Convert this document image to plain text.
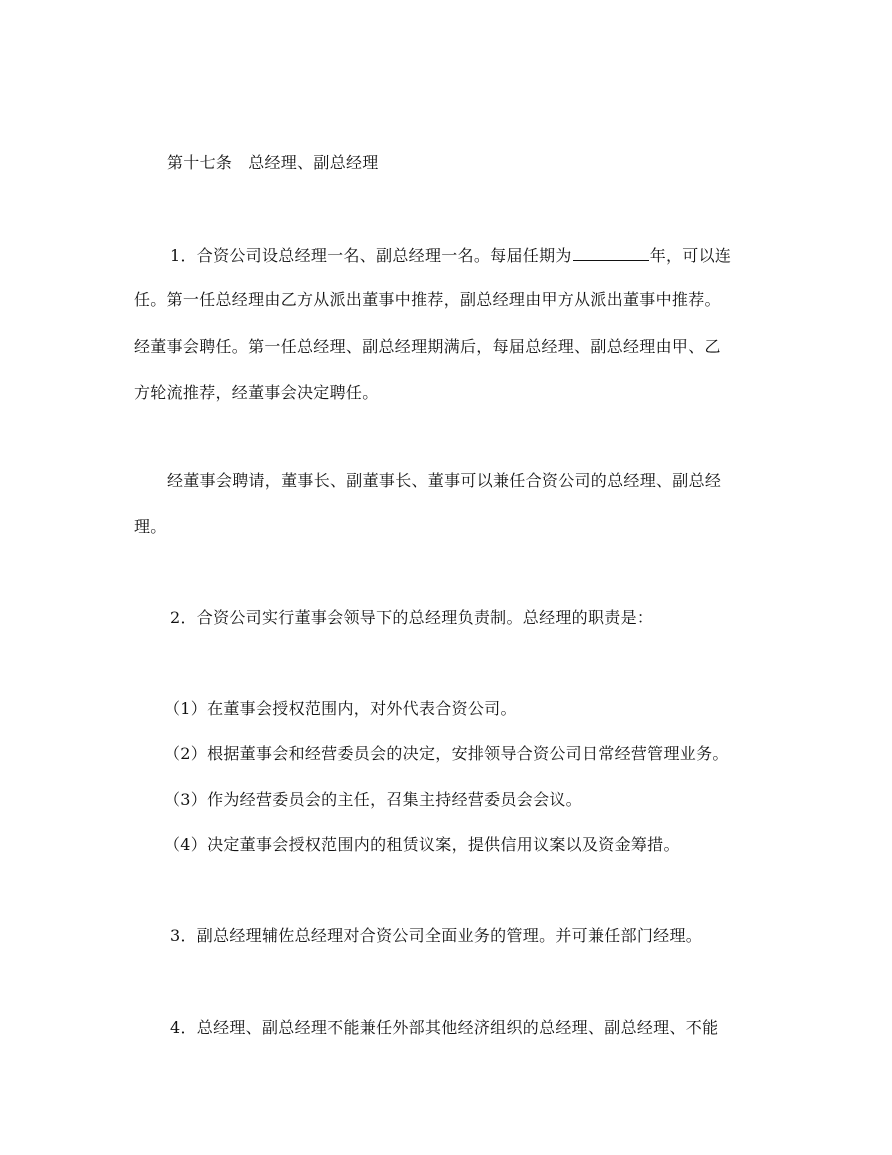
第十七条 总经理、副总经理
1．合资公司设总经理一名、副总经理一名。每届任期为	年，可以连
任。第一任总经理由乙方从派出董事中推荐，副总经理由甲方从派出董事中推荐。
经董事会聘任。第一任总经理、副总经理期满后，每届总经理、副总经理由甲、乙
方轮流推荐，经董事会决定聘任。
经董事会聘请，董事长、副董事长、董事可以兼任合资公司的总经理、副总经
理。
2．合资公司实行董事会领导下的总经理负责制。总经理的职责是：
（1）在董事会授权范围内，对外代表合资公司。
（2）根据董事会和经营委员会的决定，安排领导合资公司日常经营管理业务。
（3）作为经营委员会的主任，召集主持经营委员会会议。
（4）决定董事会授权范围内的租赁议案，提供信用议案以及资金筹措。
3．副总经理辅佐总经理对合资公司全面业务的管理。并可兼任部门经理。
4．总经理、副总经理不能兼任外部其他经济组织的总经理、副总经理、不能
